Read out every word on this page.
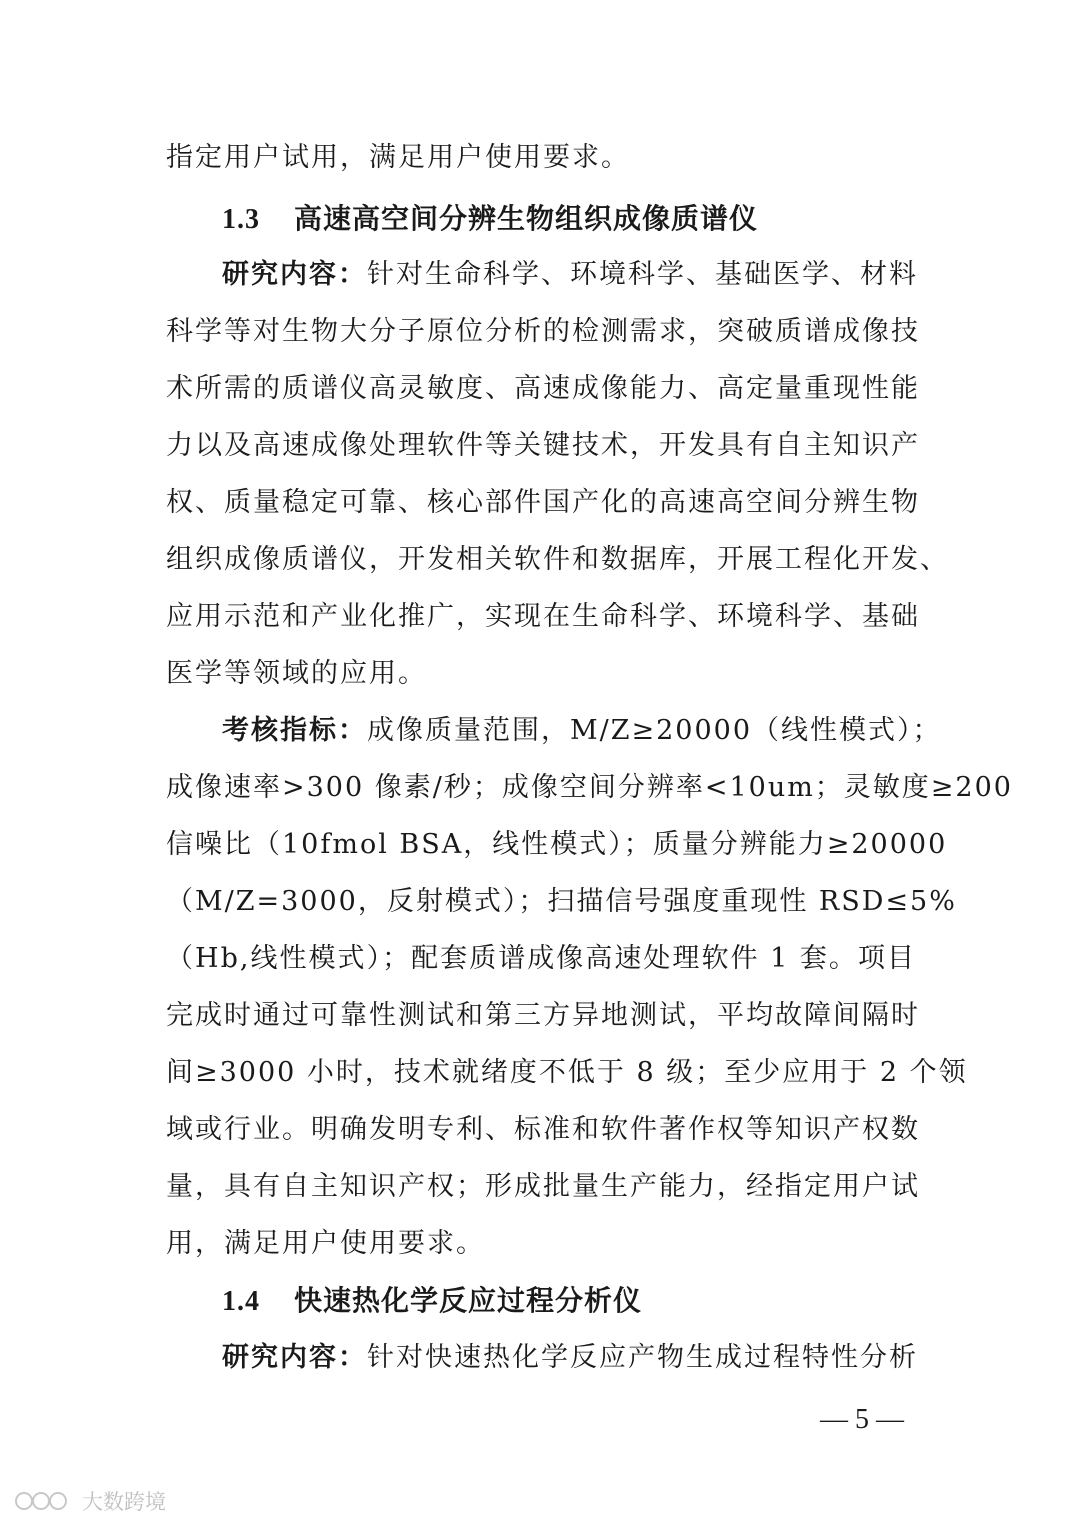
指定用户试用，满足用户使用要求。
1.3 高速高空间分辨生物组织成像质谱仪
研究内容：针对生命科学、环境科学、基础医学、材料
科学等对生物大分子原位分析的检测需求，突破质谱成像技
术所需的质谱仪高灵敏度、高速成像能力、高定量重现性能
力以及高速成像处理软件等关键技术，开发具有自主知识产
权、质量稳定可靠、核心部件国产化的高速高空间分辨生物
组织成像质谱仪，开发相关软件和数据库，开展工程化开发、
应用示范和产业化推广，实现在生命科学、环境科学、基础
医学等领域的应用。
考核指标：成像质量范围，M/Z≥20000（线性模式）；
成像速率>300 像素/秒；成像空间分辨率<10um；灵敏度≥200
信噪比（10fmol BSA，线性模式）；质量分辨能力≥20000
（M/Z=3000，反射模式）；扫描信号强度重现性 RSD≤5%
（Hb,线性模式）；配套质谱成像高速处理软件 1 套。项目
完成时通过可靠性测试和第三方异地测试，平均故障间隔时
间≥3000 小时，技术就绪度不低于 8 级；至少应用于 2 个领
域或行业。明确发明专利、标准和软件著作权等知识产权数
量，具有自主知识产权；形成批量生产能力，经指定用户试
用，满足用户使用要求。
1.4 快速热化学反应过程分析仪
研究内容：针对快速热化学反应产物生成过程特性分析
— 5 —
大数跨境
